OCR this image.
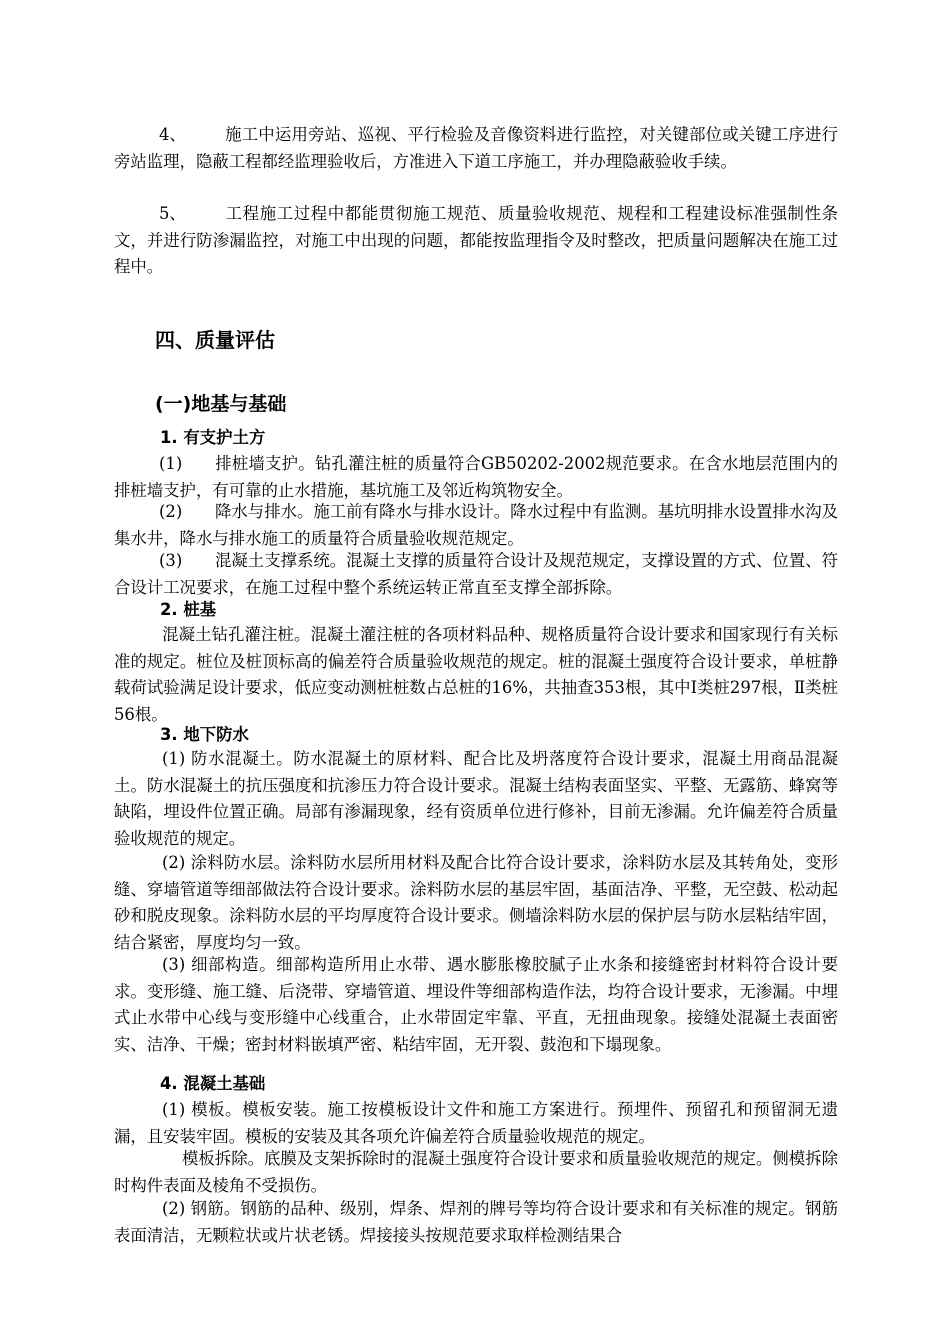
4、 施工中运用旁站、巡视、平行检验及音像资料进行监控，对关键部位或关键工序进行旁站监理，隐蔽工程都经监理验收后，方准进入下道工序施工，并办理隐蔽验收手续。
5、 工程施工过程中都能贯彻施工规范、质量验收规范、规程和工程建设标准强制性条文，并进行防渗漏监控，对施工中出现的问题，都能按监理指令及时整改，把质量问题解决在施工过程中。
四、质量评估
(一)地基与基础
1. 有支护土方
(1) 排桩墙支护。钻孔灌注桩的质量符合GB50202-2002规范要求。在含水地层范围内的排桩墙支护，有可靠的止水措施，基坑施工及邻近构筑物安全。
(2) 降水与排水。施工前有降水与排水设计。降水过程中有监测。基坑明排水设置排水沟及集水井，降水与排水施工的质量符合质量验收规范规定。
(3) 混凝土支撑系统。混凝土支撑的质量符合设计及规范规定，支撑设置的方式、位置、符合设计工况要求，在施工过程中整个系统运转正常直至支撑全部拆除。
2. 桩基
混凝土钻孔灌注桩。混凝土灌注桩的各项材料品种、规格质量符合设计要求和国家现行有关标准的规定。桩位及桩顶标高的偏差符合质量验收规范的规定。桩的混凝土强度符合设计要求，单桩静载荷试验满足设计要求，低应变动测桩桩数占总桩的16%，共抽查353根，其中Ⅰ类桩297根，Ⅱ类桩56根。
3. 地下防水
(1) 防水混凝土。防水混凝土的原材料、配合比及坍落度符合设计要求，混凝土用商品混凝土。防水混凝土的抗压强度和抗渗压力符合设计要求。混凝土结构表面坚实、平整、无露筋、蜂窝等缺陷，埋设件位置正确。局部有渗漏现象，经有资质单位进行修补，目前无渗漏。允许偏差符合质量验收规范的规定。
(2) 涂料防水层。涂料防水层所用材料及配合比符合设计要求，涂料防水层及其转角处，变形缝、穿墙管道等细部做法符合设计要求。涂料防水层的基层牢固，基面洁净、平整，无空鼓、松动起砂和脱皮现象。涂料防水层的平均厚度符合设计要求。侧墙涂料防水层的保护层与防水层粘结牢固，结合紧密，厚度均匀一致。
(3) 细部构造。细部构造所用止水带、遇水膨胀橡胶腻子止水条和接缝密封材料符合设计要求。变形缝、施工缝、后浇带、穿墙管道、埋设件等细部构造作法，均符合设计要求，无渗漏。中埋式止水带中心线与变形缝中心线重合，止水带固定牢靠、平直，无扭曲现象。接缝处混凝土表面密实、洁净、干燥；密封材料嵌填严密、粘结牢固，无开裂、鼓泡和下塌现象。
4. 混凝土基础
(1) 模板。模板安装。施工按模板设计文件和施工方案进行。预埋件、预留孔和预留洞无遗漏，且安装牢固。模板的安装及其各项允许偏差符合质量验收规范的规定。
模板拆除。底膜及支架拆除时的混凝土强度符合设计要求和质量验收规范的规定。侧模拆除时构件表面及棱角不受损伤。
(2) 钢筋。钢筋的品种、级别，焊条、焊剂的牌号等均符合设计要求和有关标准的规定。钢筋表面清洁，无颗粒状或片状老锈。焊接接头按规范要求取样检测结果合
